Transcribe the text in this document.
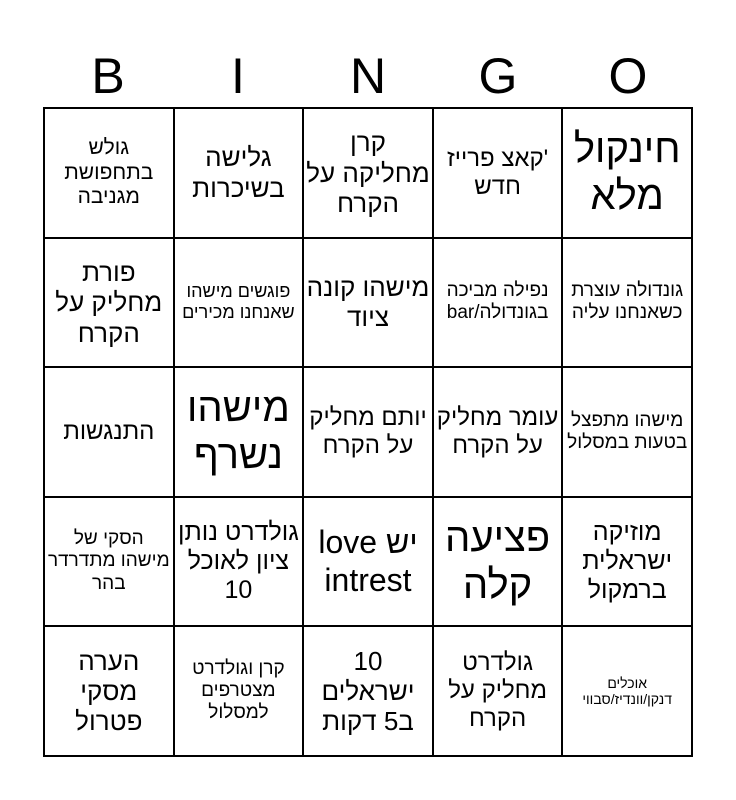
B	I	N	G	O
גולש בתחפושת מגניבה
גלישה בשיכרות
קרן מחליקה על הקרח
'קאצ פרייז חדש
חינקול מלא
פורת מחליק על הקרח
פוגשים מישהו שאנחנו מכירים
מישהו קונה ציוד
נפילה מביכה בגונדולה/bar
גונדולה עוצרת כשאנחנו עליה
התנגשות
מישהו נשרף
יותם מחליק על הקרח
עומר מחליק על הקרח
מישהו מתפצל בטעות במסלול
הסקי של מישהו מתדרדר בהר
גולדרט נותן ציון לאוכל 10
יש love intrest
פציעה קלה
מוזיקה ישראלית ברמקול
הערה מסקי פטרול
קרן וגולדרט מצטרפים למסלול
10 ישראלים ב5 דקות
גולדרט מחליק על הקרח
אוכלים דנקן/וונדיז/סבווי
